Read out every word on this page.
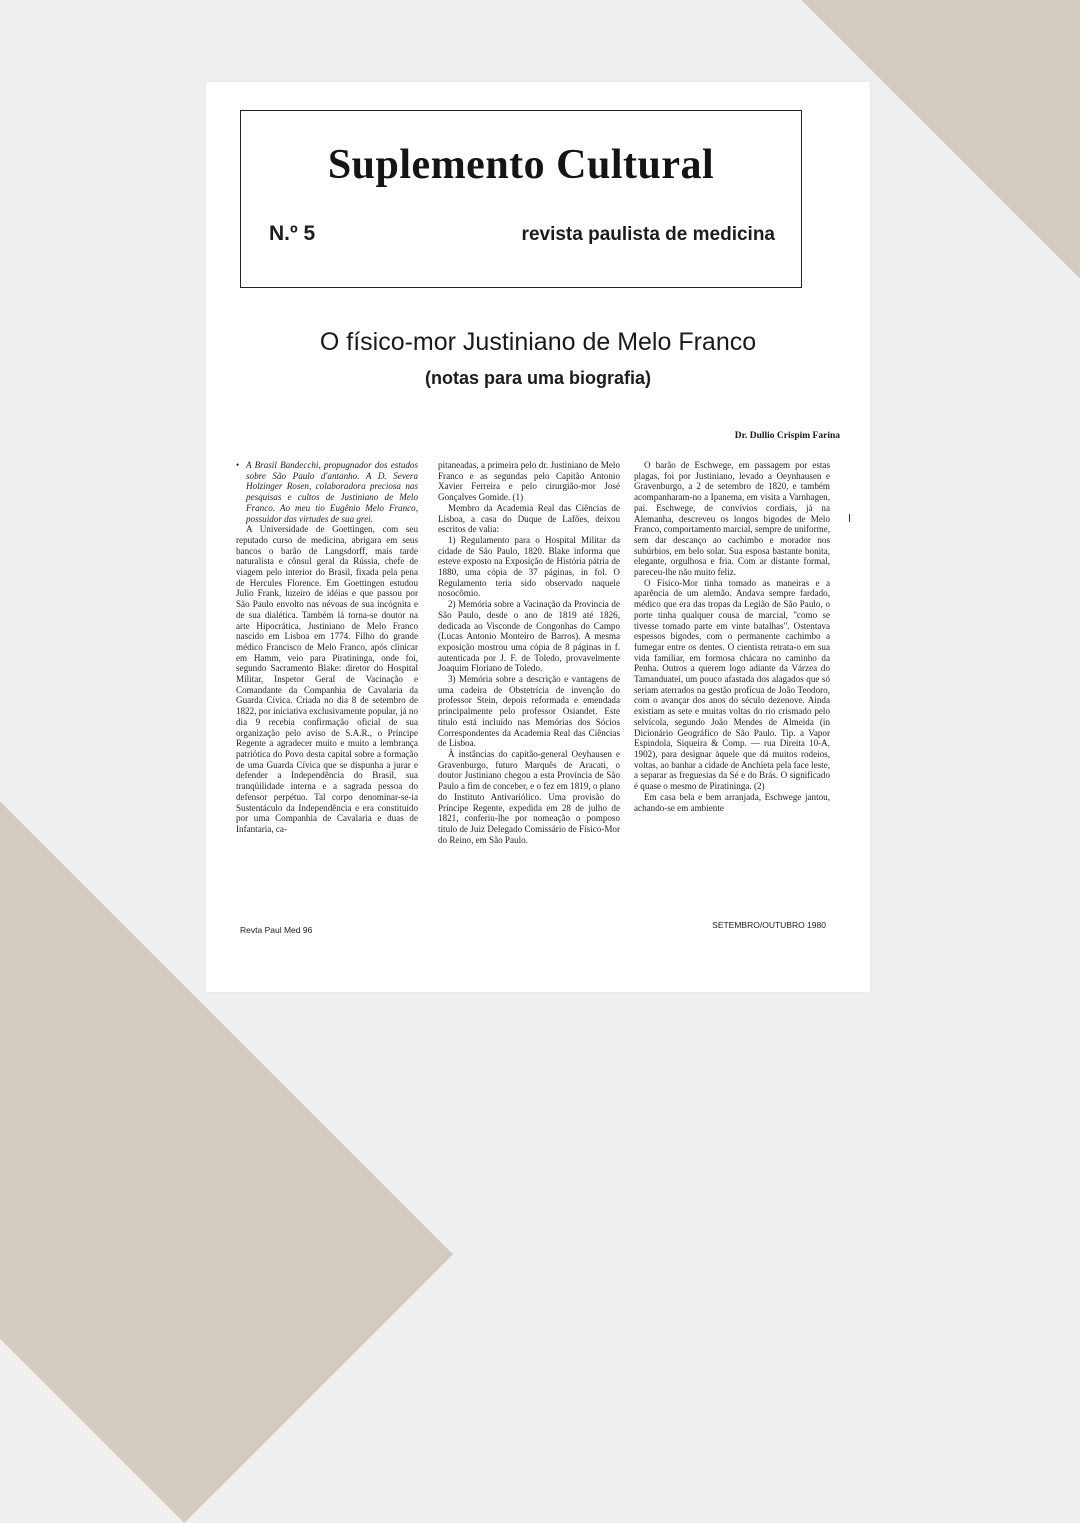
Suplemento Cultural
N.º 5	revista paulista de medicina
O físico-mor Justiniano de Melo Franco
(notas para uma biografia)
Dr. Dullio Crispim Farina

• A Brasil Bandecchi, propugnador dos estudos sobre São Paulo d'antanho. A D. Severa Holzinger Rosen, colaboradora preciosa nas pesquisas e cultos de Justiniano de Melo Franco. Ao meu tio Eugênio Melo Franco, possuidor das virtudes de sua grei.

A Universidade de Goettingen, com seu reputado curso de medicina, abrigara em seus bancos o barão de Langsdorff, mais tarde naturalista e cônsul geral da Rússia, chefe de viagem pelo interior do Brasil, fixada pela pena de Hercules Florence. Em Goettingen estudou Julio Frank, luzeiro de idéias e que passou por São Paulo envolto nas névoas de sua incógnita e de sua dialética. Também lá torna-se doutor na arte Hipocrática, Justiniano de Melo Franco nascido em Lisboa em 1774. Filho do grande médico Francisco de Melo Franco, após clinicar em Hamm, veio para Piratininga, onde foi, segundo Sacramento Blake: diretor do Hospital Militar, Inspetor Geral de Vacinação e Comandante da Companhia de Cavalaria da Guarda Cívica. Criada no dia 8 de setembro de 1822, por iniciativa exclusivamente popular, já no dia 9 recebia confirmação oficial de sua organização pelo aviso de S.A.R., o Príncipe Regente a agradecer muito e muito a lembrança patriótica do Povo desta capital sobre a formação de uma Guarda Cívica que se dispunha a jurar e defender a Independência do Brasil, sua tranqüilidade interna e a sagrada pessoa do defensor perpétuo. Tal corpo denominar-se-ia Sustentáculo da Independência e era constituído por uma Companhia de Cavalaria e duas de Infantaria, ca-

pitaneadas, a primeira pelo dr. Justiniano de Melo Franco e as segundas pelo Capitão Antonio Xavier Ferreira e pelo cirurgião-mor José Gonçalves Gomide. (1)

Membro da Academia Real das Ciências de Lisboa, a casa do Duque de Lafões, deixou escritos de valia:

1) Regulamento para o Hospital Militar da cidade de São Paulo, 1820. Blake informa que esteve exposto na Exposição de História pátria de 1880, uma cópia de 37 páginas, in fol. O Regulamento teria sido observado naquele nosocômio.

2) Memória sobre a Vacinação da Província de São Paulo, desde o ano de 1819 até 1826, dedicada ao Visconde de Congonhas do Campo (Lucas Antonio Monteiro de Barros). A mesma exposição mostrou uma cópia de 8 páginas in f. autenticada por J. F. de Toledo, provavelmente Joaquim Floriano de Toledo.

3) Memória sobre a descrição e vantagens de uma cadeira de Obstetrícia de invenção do professor Stein, depois reformada e emendada principalmente pelo professor Osiandet. Este título está incluído nas Memórias dos Sócios Correspondentes da Academia Real das Ciências de Lisboa.

À instâncias do capitão-general Oeyhausen e Gravenburgo, futuro Marquês de Aracati, o doutor Justiniano chegou a esta Província de São Paulo a fim de conceber, e o fez em 1819, o plano do Instituto Antivariólico. Uma provisão do Príncipe Regente, expedida em 28 de julho de 1821, conferiu-lhe por nomeação o pomposo título de Juiz Delegado Comissário de Físico-Mor do Reino, em São Paulo.

O barão de Eschwege, em passagem por estas plagas, foi por Justiniano, levado a Oeynhausen e Gravenburgo, a 2 de setembro de 1820, e também acompanharam-no a Ipanema, em visita a Varnhagen, pai. Eschwege, de convívios cordiais, já na Alemanha, descreveu os longos bigodes de Melo Franco, comportamento marcial, sempre de uniforme, sem dar descanço ao cachimbo e morador nos subúrbios, em belo solar. Sua esposa bastante bonita, elegante, orgulhosa e fria. Com ar distante formal, pareceu-lhe não muito feliz.

O Físico-Mor tinha tomado as maneiras e a aparência de um alemão. Andava sempre fardado, médico que era das tropas da Legião de São Paulo, o porte tinha qualquer cousa de marcial, "como se tivesse tomado parte em vinte batalhas". Ostentava espessos bigodes, com o permanente cachimbo a fumegar entre os dentes. O cientista retrata-o em sua vida familiar, em formosa chácara no caminho da Penha. Outros a querem logo adiante da Várzea do Tamanduateí, um pouco afastada dos alagados que só seriam aterrados na gestão profícua de João Teodoro, com o avançar dos anos do século dezenove. Ainda existiam as sete e muitas voltas do rio crismado pelo selvícola, segundo João Mendes de Almeida (in Dicionário Geográfico de São Paulo. Tip. a Vapor Espindola, Siqueira & Comp. — rua Direita 10-A, 1902), para designar àquele que dá muitos rodeios, voltas, ao banhar a cidade de Anchieta pela face leste, a separar as freguesias da Sé e do Brás. O significado é quase o mesmo de Piratininga. (2)

Em casa bela e bem arranjada, Eschwege jantou, achando-se em ambiente

Revta Paul Med 96	SETEMBRO/OUTUBRO 1980
